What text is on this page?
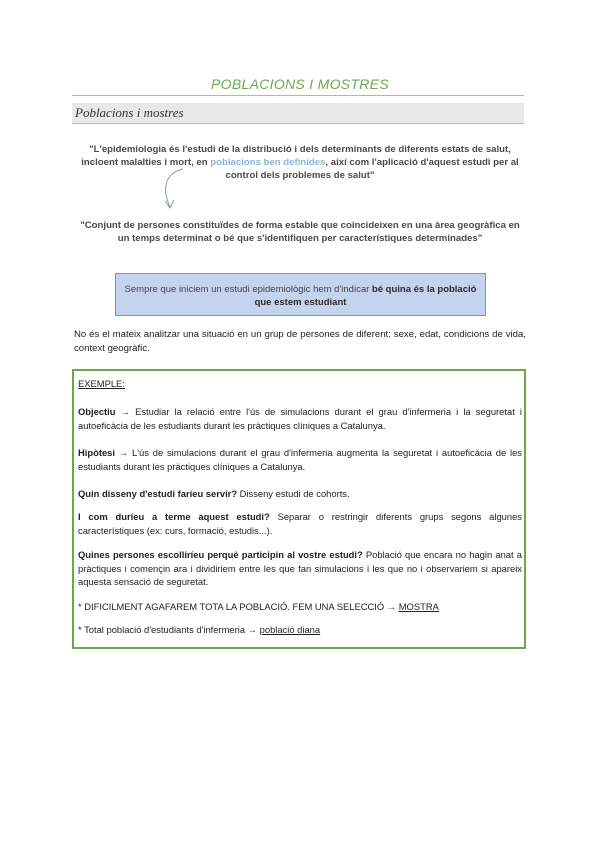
POBLACIONS I MOSTRES
Poblacions i mostres
"L'epidemiologia és l'estudi de la distribució i dels determinants de diferents estats de salut, incloent malalties i mort, en poblacions ben definides, així com l'aplicació d'aquest estudi per al control dels problemes de salut"
"Conjunt de persones constituïdes de forma estable que coincideixen en una àrea geogràfica en un temps determinat o bé que s'identifiquen per característiques determinades"
Sempre que iniciem un estudi epidemiològic hem d'indicar bé quina és la població que estem estudiant
No és el mateix analitzar una situació en un grup de persones de diferent: sexe, edat, condicions de vida, context geogràfic.
EXEMPLE:
Objectiu → Estudiar la relació entre l'ús de simulacions durant el grau d'infermeria i la seguretat i autoeficàcia de les estudiants durant les pràctiques clíniques a Catalunya.
Hipòtesi → L'ús de simulacions durant el grau d'infermeria augmenta la seguretat i autoeficàcia de les estudiants durant les pràctiques clíniques a Catalunya.
Quin disseny d'estudi faríeu servir? Disseny estudi de cohorts.
I com duríeu a terme aquest estudi? Separar o restringir diferents grups segons algunes característiques (ex: curs, formació, estudis...).
Quines persones escolliríeu perquè participin al vostre estudi? Població que encara no hagin anat a pràctiques i començin ara i dividiriem entre les que fan simulacions i les que no i observariem si apareix aquesta sensació de seguretat.
* DIFICILMENT AGAFAREM TOTA LA POBLACIÓ. FEM UNA SELECCIÓ → MOSTRA
* Total població d'estudiants d'infermeria → població diana
